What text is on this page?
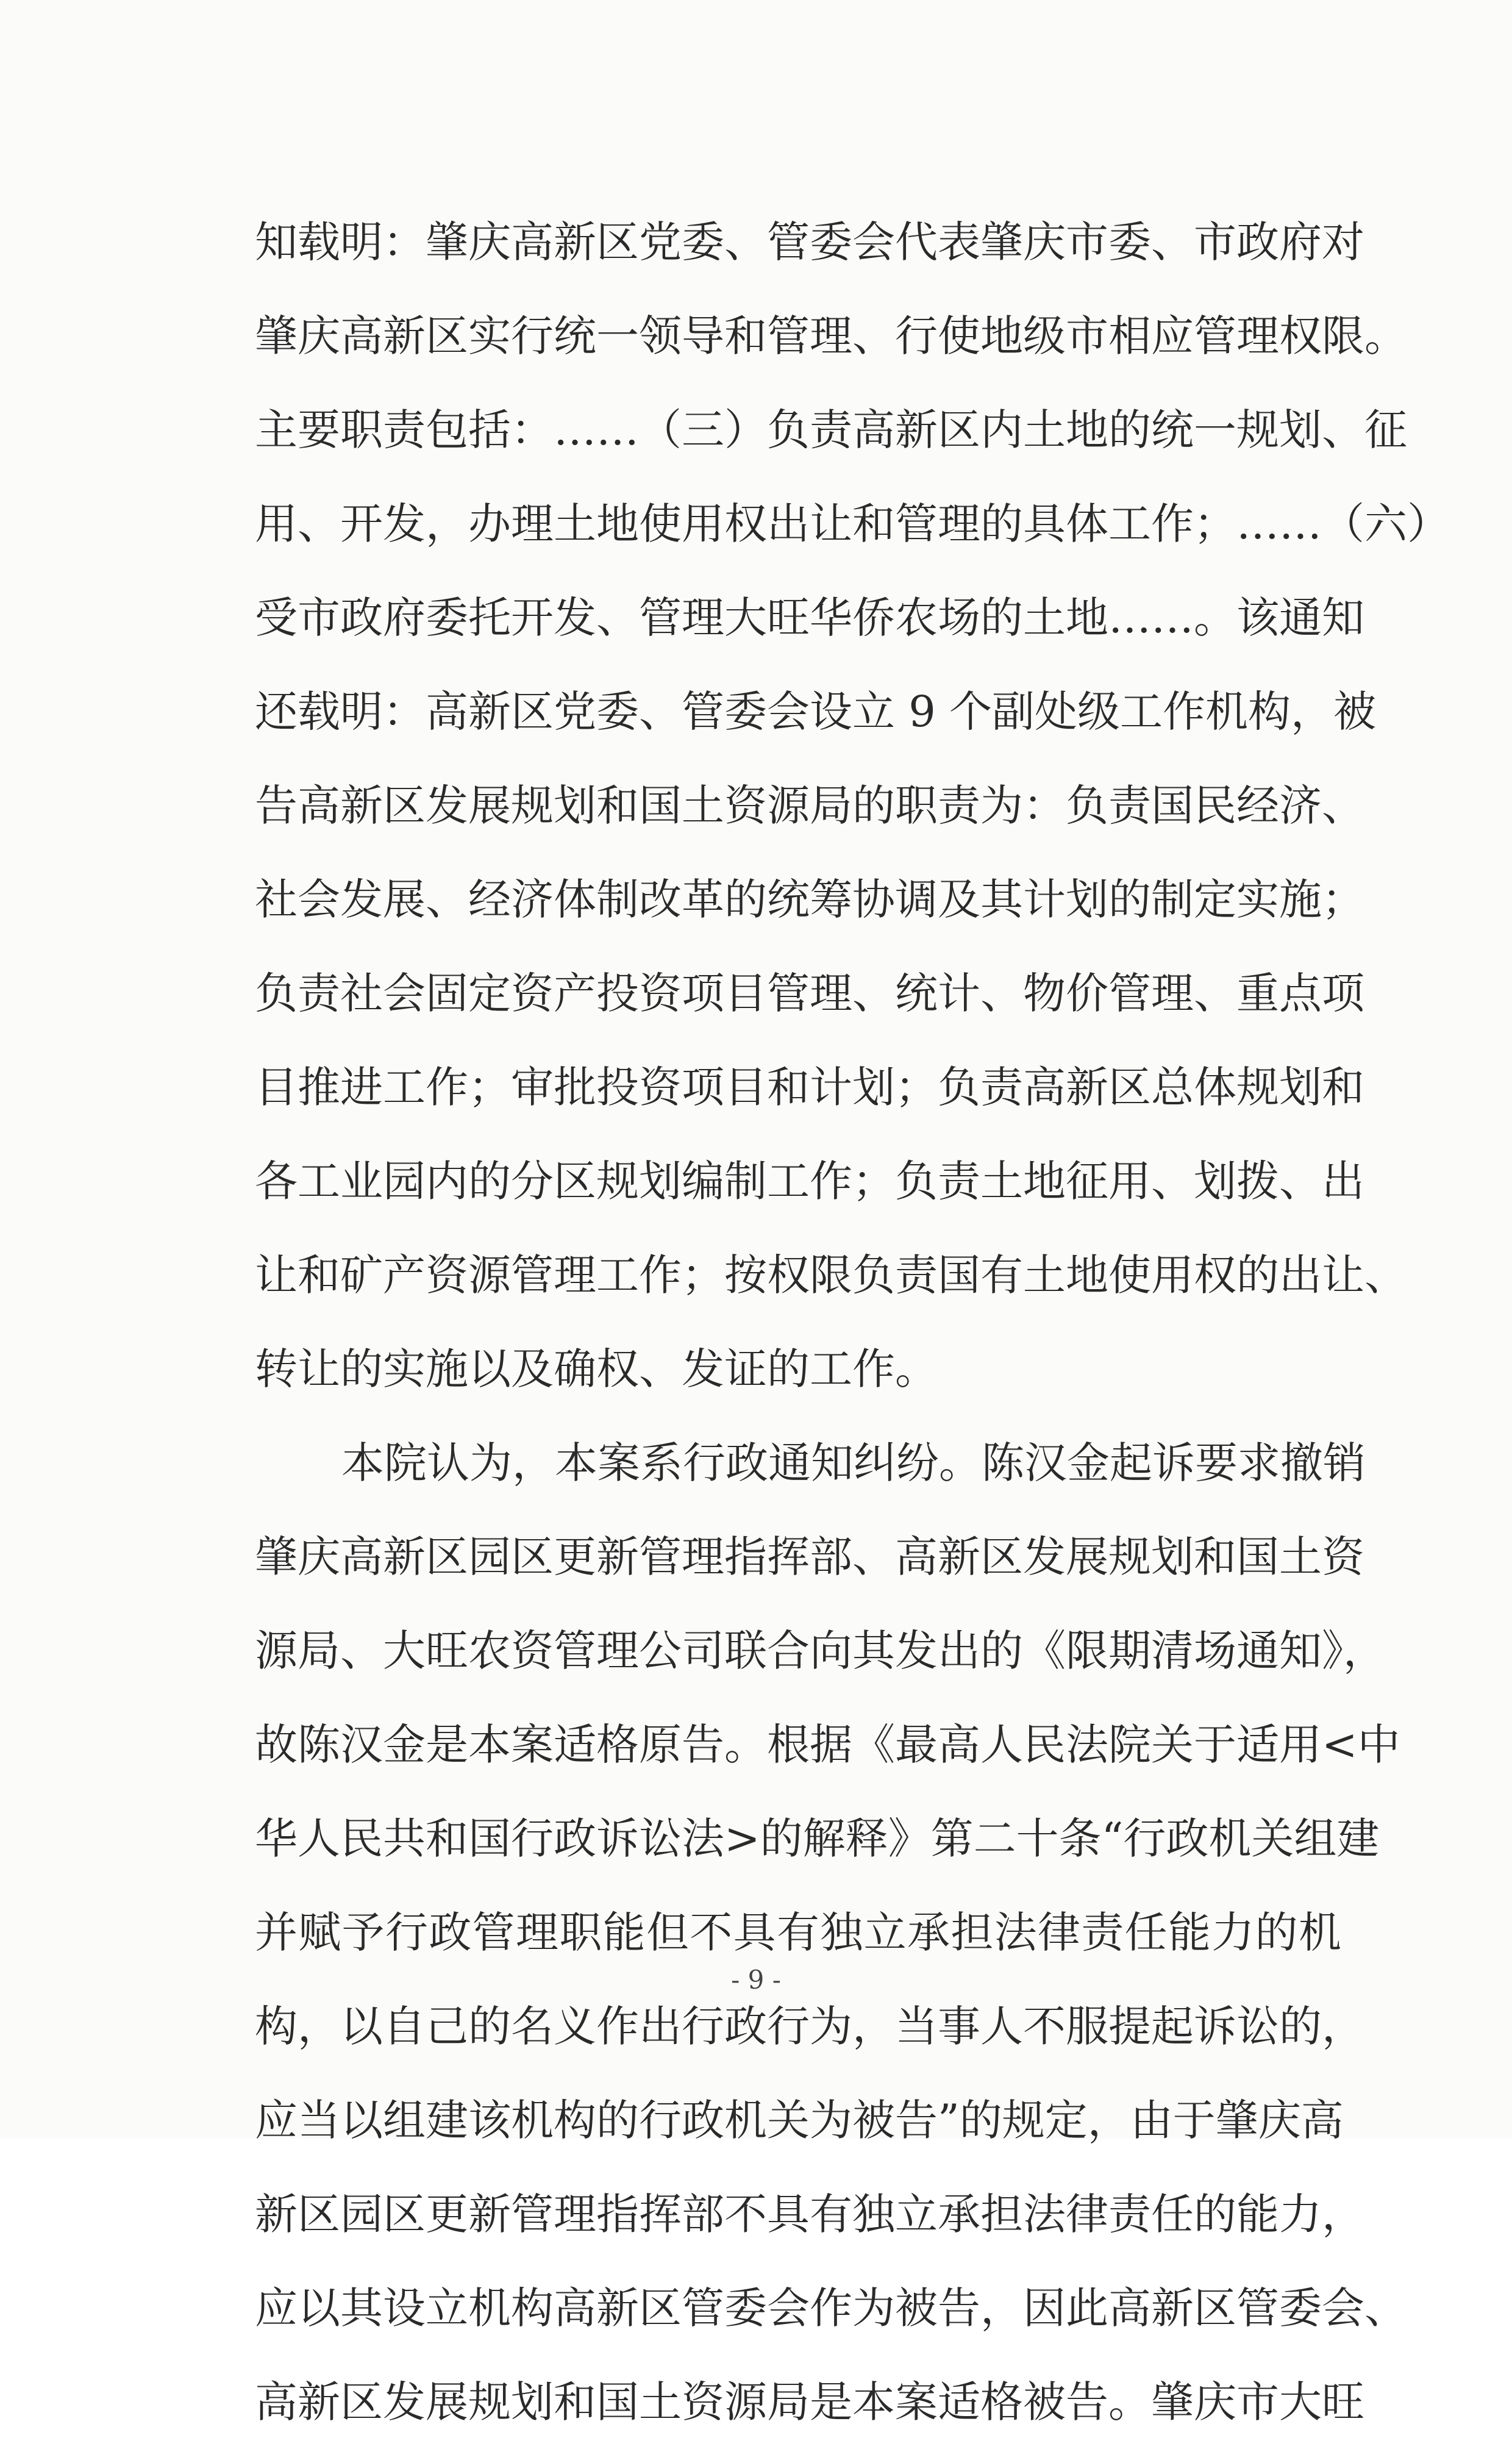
知载明：肇庆高新区党委、管委会代表肇庆市委、市政府对
肇庆高新区实行统一领导和管理、行使地级市相应管理权限。
主要职责包括：……（三）负责高新区内土地的统一规划、征
用、开发，办理土地使用权出让和管理的具体工作；……（六）
受市政府委托开发、管理大旺华侨农场的土地……。该通知
还载明：高新区党委、管委会设立 9 个副处级工作机构，被
告高新区发展规划和国土资源局的职责为：负责国民经济、
社会发展、经济体制改革的统筹协调及其计划的制定实施；
负责社会固定资产投资项目管理、统计、物价管理、重点项
目推进工作；审批投资项目和计划；负责高新区总体规划和
各工业园内的分区规划编制工作；负责土地征用、划拨、出
让和矿产资源管理工作；按权限负责国有土地使用权的出让、
转让的实施以及确权、发证的工作。
本院认为，本案系行政通知纠纷。陈汉金起诉要求撤销
肇庆高新区园区更新管理指挥部、高新区发展规划和国土资
源局、大旺农资管理公司联合向其发出的《限期清场通知》，
故陈汉金是本案适格原告。根据《最高人民法院关于适用<中
华人民共和国行政诉讼法>的解释》第二十条“行政机关组建
并赋予行政管理职能但不具有独立承担法律责任能力的机
构，以自己的名义作出行政行为，当事人不服提起诉讼的，
应当以组建该机构的行政机关为被告”的规定，由于肇庆高
新区园区更新管理指挥部不具有独立承担法律责任的能力，
应以其设立机构高新区管委会作为被告，因此高新区管委会、
高新区发展规划和国土资源局是本案适格被告。肇庆市大旺
- 9 -
